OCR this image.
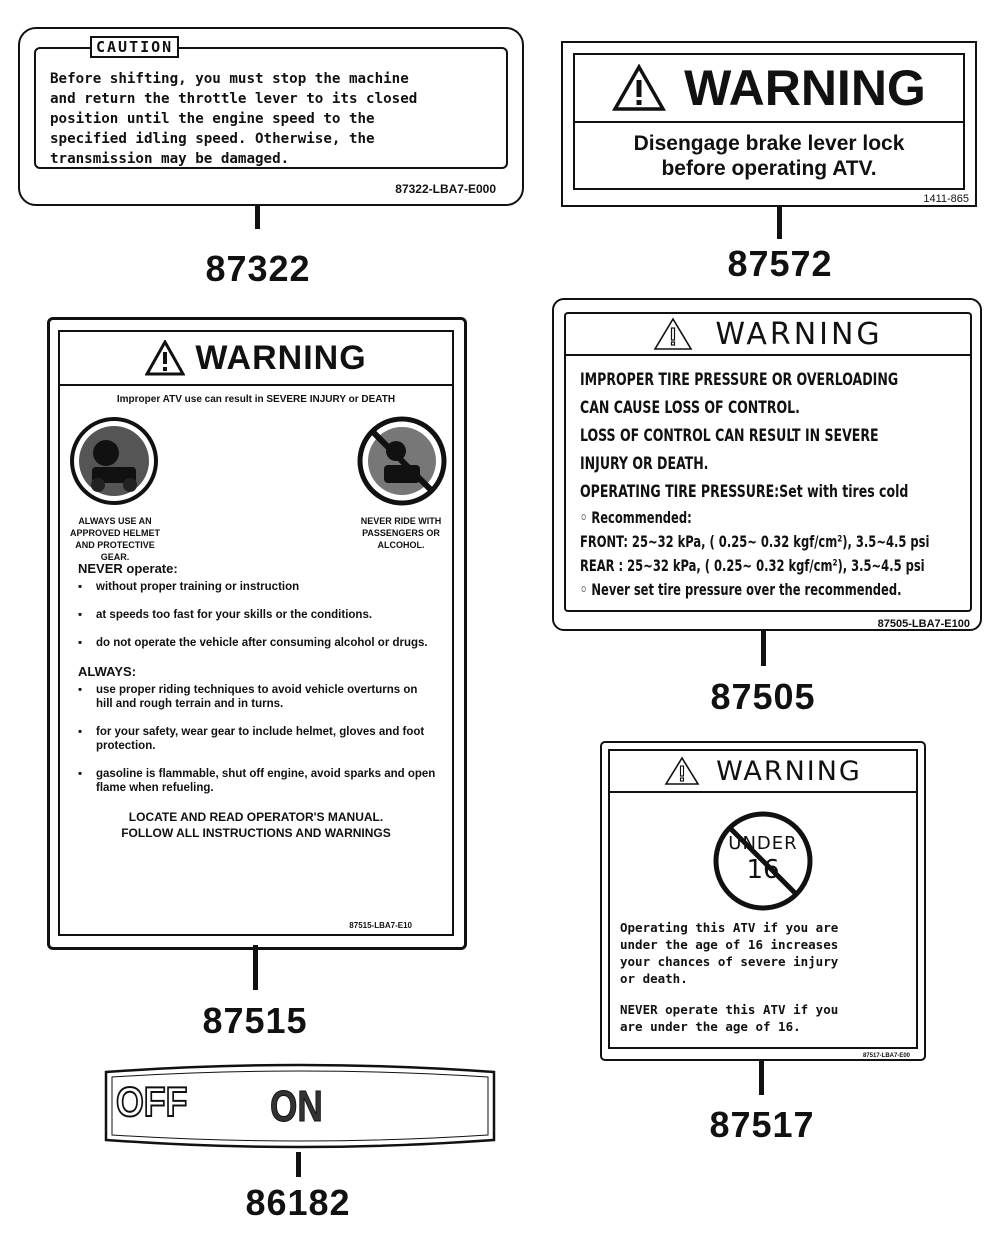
CAUTION
Before shifting, you must stop the machine
and return the throttle lever to its closed
position until the engine speed to the
specified idling speed. Otherwise, the
transmission may be damaged.
87322-LBA7-E000
87322
WARNING
Disengage brake lever lock
before operating ATV.
1411-865
87572
WARNING
Improper ATV use can result in SEVERE INJURY or DEATH
ALWAYS USE AN APPROVED HELMET AND PROTECTIVE GEAR.
NEVER RIDE WITH PASSENGERS OR ALCOHOL.
NEVER operate:
▪ without proper training or instruction
▪ at speeds too fast for your skills or the conditions.
▪ do not operate the vehicle after consuming alcohol or drugs.
ALWAYS:
▪ use proper riding techniques to avoid vehicle overturns on hill and rough terrain and in turns.
▪ for your safety, wear gear to include helmet, gloves and foot protection.
▪ gasoline is flammable, shut off engine, avoid sparks and open flame when refueling.
LOCATE AND READ OPERATOR'S MANUAL.
FOLLOW ALL INSTRUCTIONS AND WARNINGS
87515-LBA7-E10
87515
WARNING
IMPROPER TIRE PRESSURE OR OVERLOADING
CAN CAUSE LOSS OF CONTROL.
LOSS OF CONTROL CAN RESULT IN SEVERE
INJURY OR DEATH.
OPERATING TIRE PRESSURE:Set with tires cold
◦ Recommended:
FRONT: 25~32 kPa, ( 0.25~ 0.32 kgf/cm²), 3.5~4.5 psi
REAR : 25~32 kPa, ( 0.25~ 0.32 kgf/cm²), 3.5~4.5 psi
◦ Never set tire pressure over the recommended.
87505-LBA7-E100
87505
WARNING
UNDER
16
Operating this ATV if you are
under the age of 16 increases
your chances of severe injury
or death.
NEVER operate this ATV if you
are under the age of 16.
87517-LBA7-E00
87517
OFF ON
86182
